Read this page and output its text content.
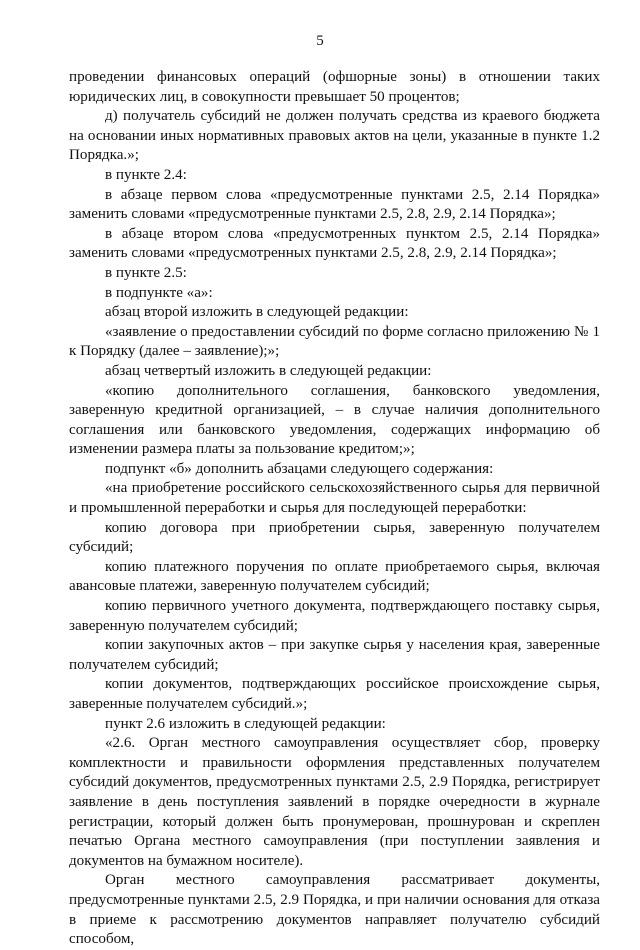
5

проведении финансовых операций (офшорные зоны) в отношении таких юридических лиц, в совокупности превышает 50 процентов;

д) получатель субсидий не должен получать средства из краевого бюджета на основании иных нормативных правовых актов на цели, указанные в пункте 1.2 Порядка.»;

в пункте 2.4:

в абзаце первом слова «предусмотренные пунктами 2.5, 2.14 Порядка» заменить словами «предусмотренные пунктами 2.5, 2.8, 2.9, 2.14 Порядка»;

в абзаце втором слова «предусмотренных пунктом 2.5, 2.14 Порядка» заменить словами «предусмотренных пунктами 2.5, 2.8, 2.9, 2.14 Порядка»;

в пункте 2.5:

в подпункте «а»:

абзац второй изложить в следующей редакции:

«заявление о предоставлении субсидий по форме согласно приложению № 1 к Порядку (далее – заявление);»;

абзац четвертый изложить в следующей редакции:

«копию дополнительного соглашения, банковского уведомления, заверенную кредитной организацией, – в случае наличия дополнительного соглашения или банковского уведомления, содержащих информацию об изменении размера платы за пользование кредитом;»;

подпункт «б» дополнить абзацами следующего содержания:

«на приобретение российского сельскохозяйственного сырья для первичной и промышленной переработки и сырья для последующей переработки:

копию договора при приобретении сырья, заверенную получателем субсидий;

копию платежного поручения по оплате приобретаемого сырья, включая авансовые платежи, заверенную получателем субсидий;

копию первичного учетного документа, подтверждающего поставку сырья, заверенную получателем субсидий;

копии закупочных актов – при закупке сырья у населения края, заверенные получателем субсидий;

копии документов, подтверждающих российское происхождение сырья, заверенные получателем субсидий.»;

пункт 2.6 изложить в следующей редакции:

«2.6. Орган местного самоуправления осуществляет сбор, проверку комплектности и правильности оформления представленных получателем субсидий документов, предусмотренных пунктами 2.5, 2.9 Порядка, регистрирует заявление в день поступления заявлений в порядке очередности в журнале регистрации, который должен быть пронумерован, прошнурован и скреплен печатью Органа местного самоуправления (при поступлении заявления и документов на бумажном носителе).

Орган местного самоуправления рассматривает документы, предусмотренные пунктами 2.5, 2.9 Порядка, и при наличии основания для отказа в приеме к рассмотрению документов направляет получателю субсидий способом,
